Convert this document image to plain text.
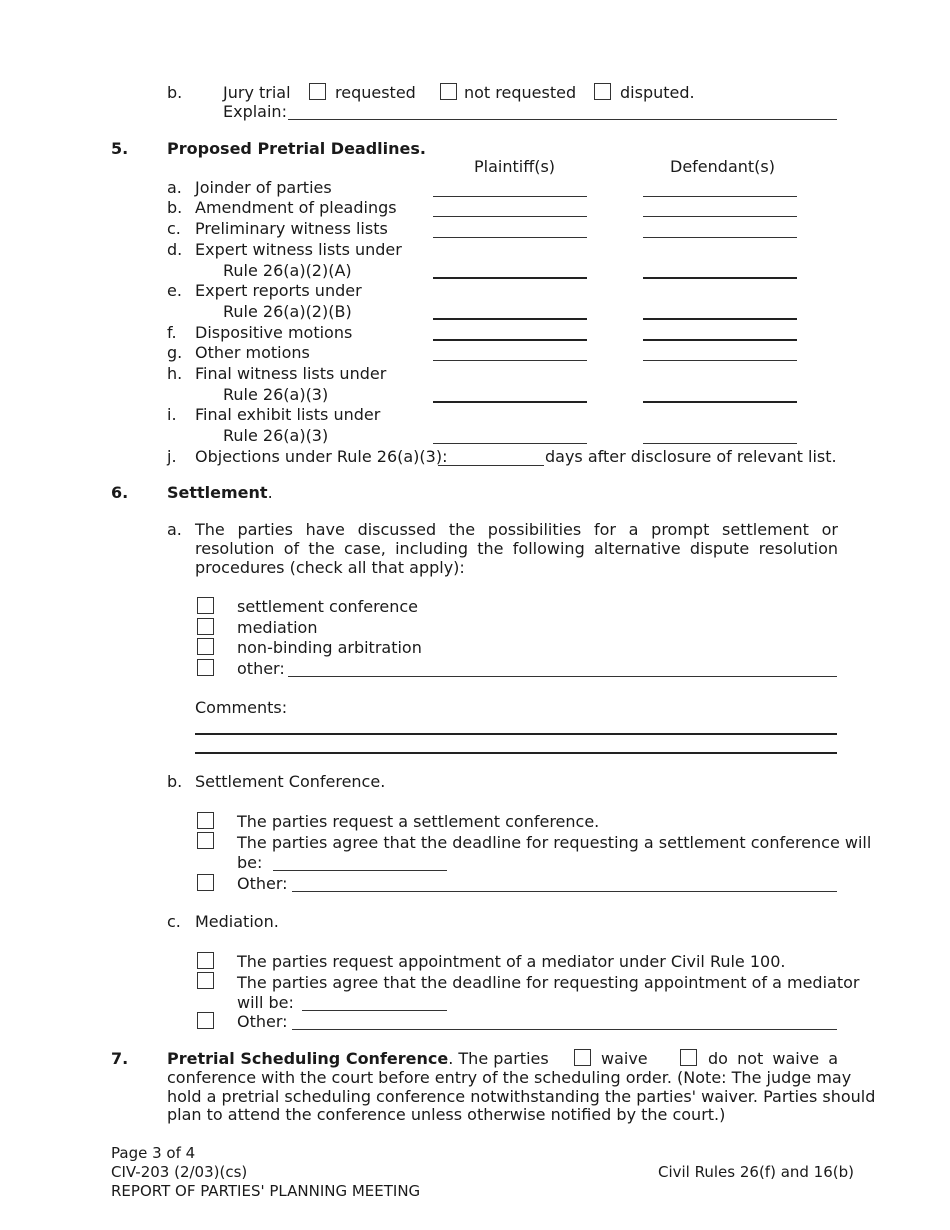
b.	Jury trial	requested	not requested	disputed.
Explain:
5. Proposed Pretrial Deadlines.
Plaintiff(s)	Defendant(s)
a. Joinder of parties
b. Amendment of pleadings
c. Preliminary witness lists
d. Expert witness lists under
Rule 26(a)(2)(A)
e. Expert reports under
Rule 26(a)(2)(B)
f. Dispositive motions
g. Other motions
h. Final witness lists under
Rule 26(a)(3)
i. Final exhibit lists under
Rule 26(a)(3)
j. Objections under Rule 26(a)(3):	days after disclosure of relevant list.
6. Settlement.
a. The parties have discussed the possibilities for a prompt settlement or resolution of the case, including the following alternative dispute resolution procedures (check all that apply):
settlement conference
mediation
non-binding arbitration
other:
Comments:
b. Settlement Conference.
The parties request a settlement conference.
The parties agree that the deadline for requesting a settlement conference will
be:
Other:
c. Mediation.
The parties request appointment of a mediator under Civil Rule 100.
The parties agree that the deadline for requesting appointment of a mediator
will be:
Other:
7. Pretrial Scheduling Conference. The parties	waive	do not waive a
conference with the court before entry of the scheduling order. (Note: The judge may
hold a pretrial scheduling conference notwithstanding the parties' waiver. Parties should
plan to attend the conference unless otherwise notified by the court.)
Page 3 of 4
CIV-203 (2/03)(cs)
REPORT OF PARTIES' PLANNING MEETING
Civil Rules 26(f) and 16(b)
